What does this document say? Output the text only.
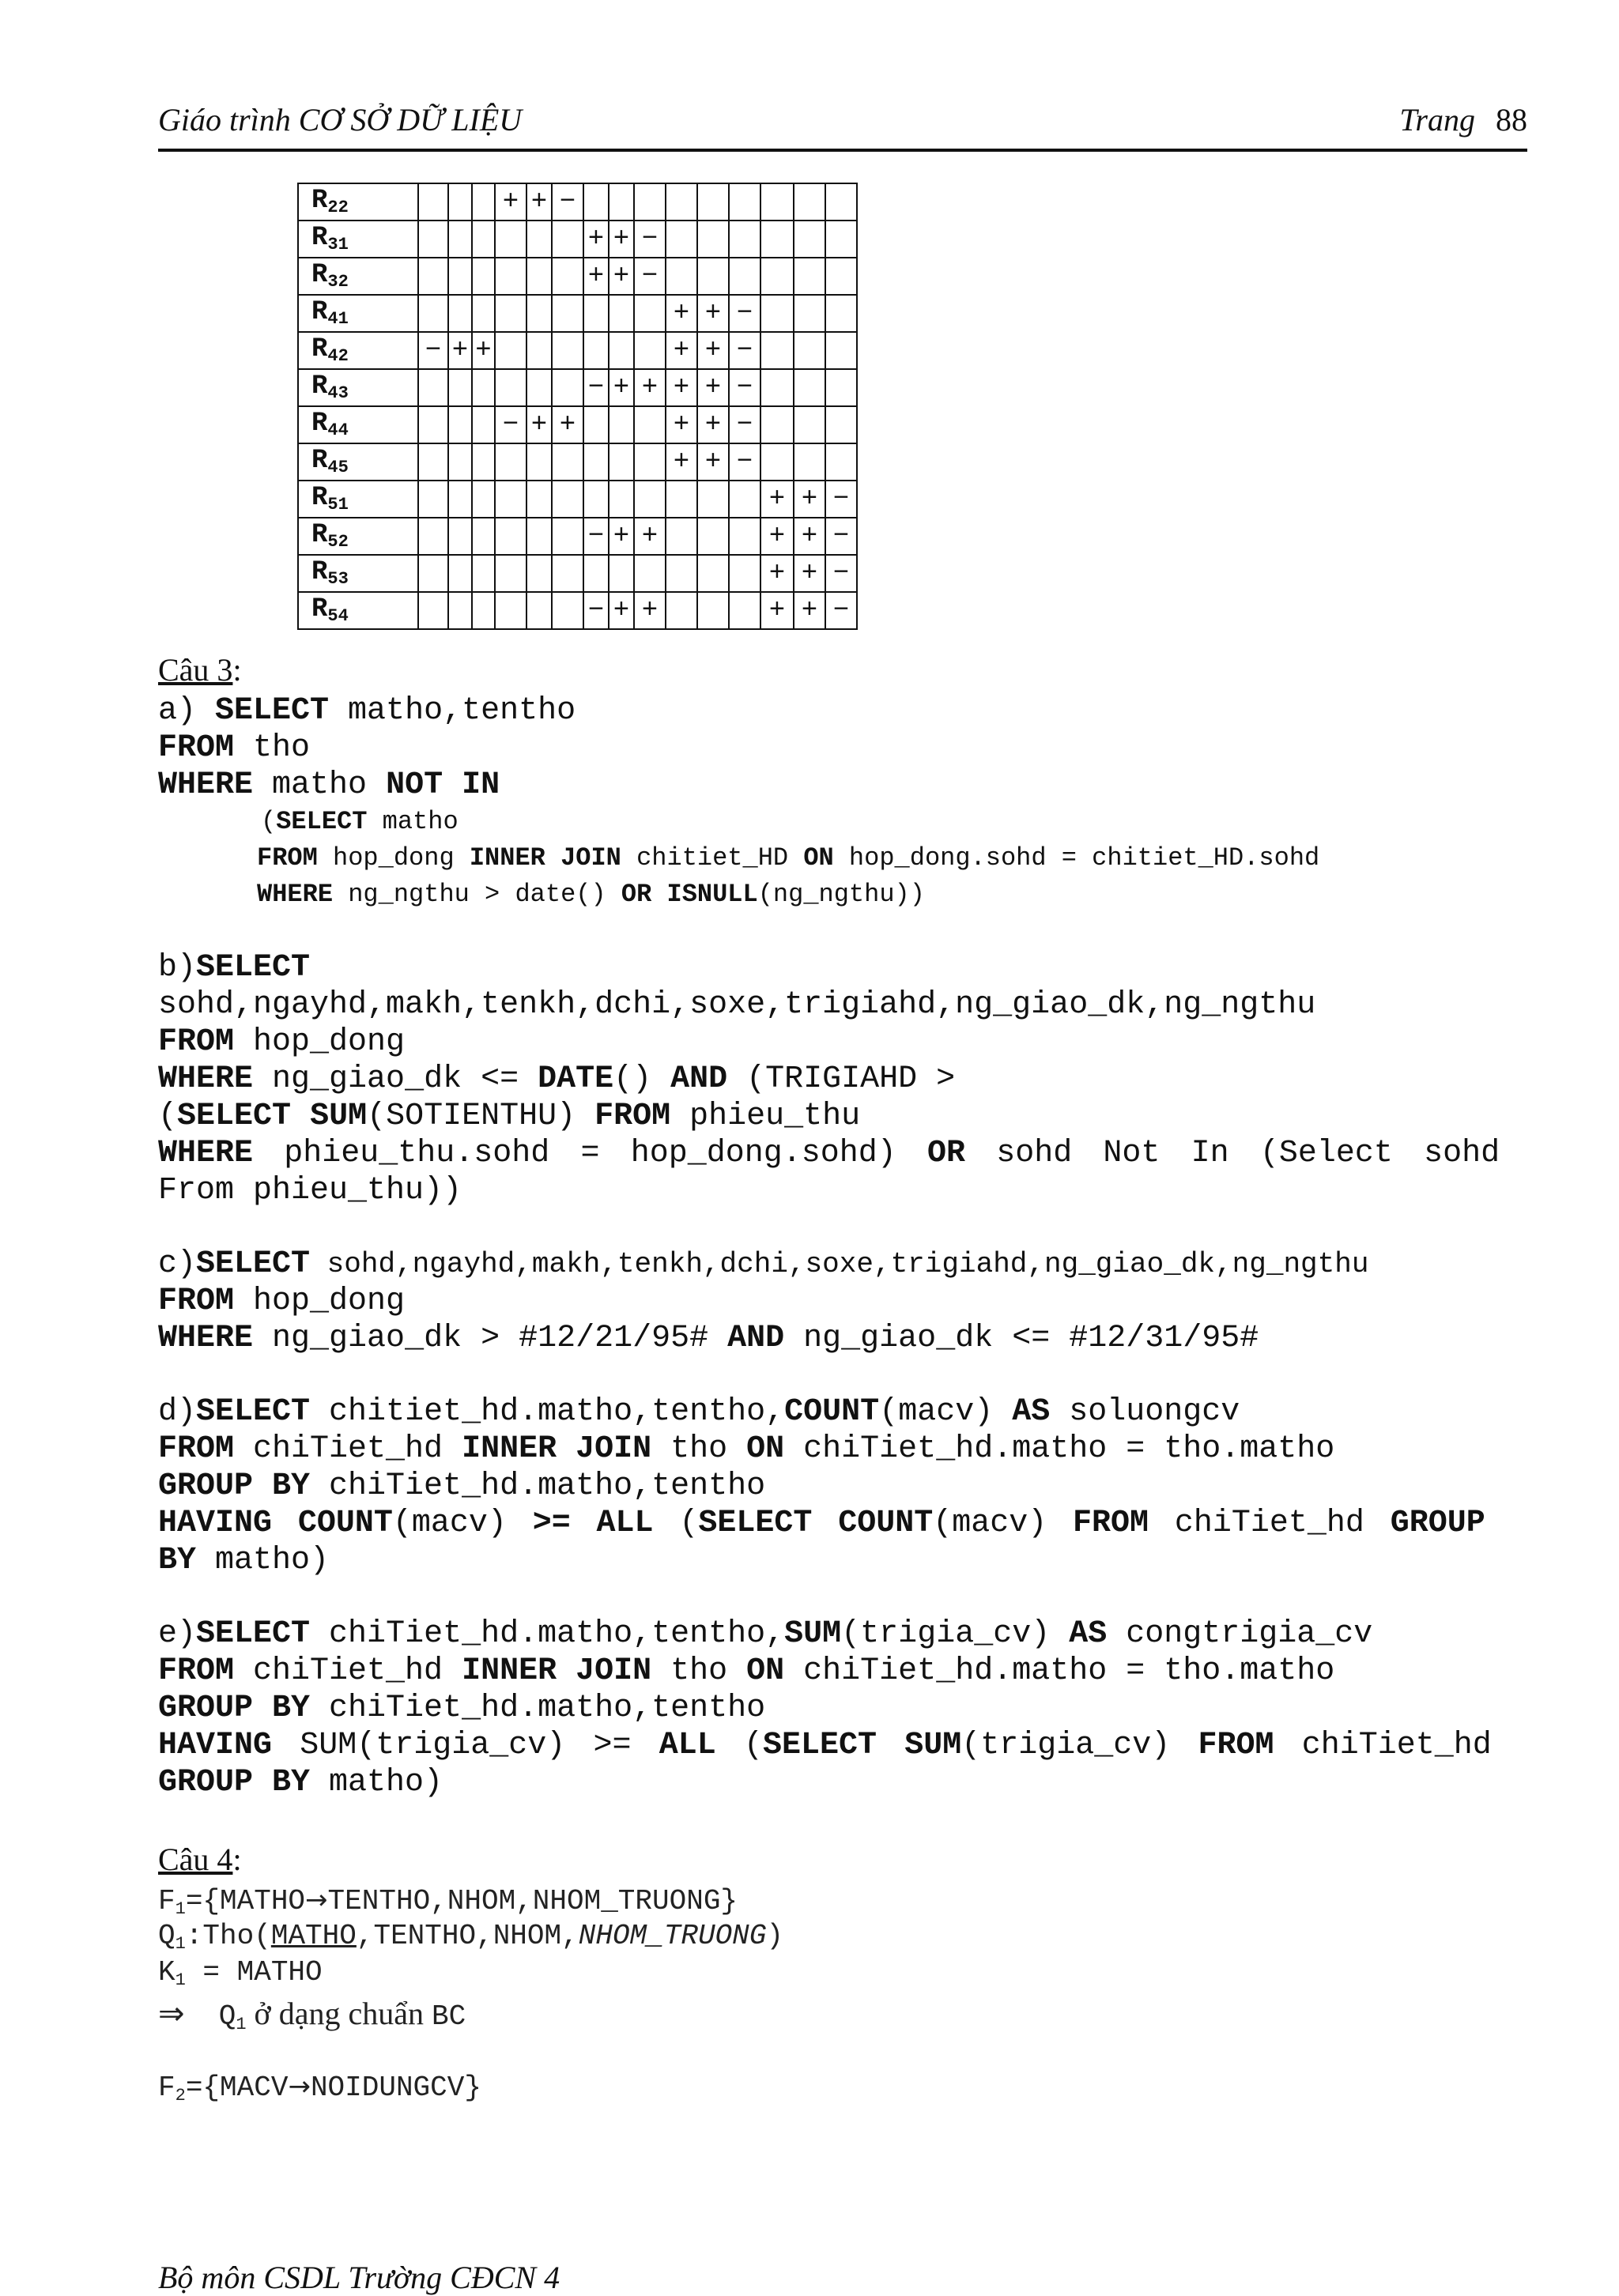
Giáo trình CƠ SỞ DỮ LIỆU	Trang 88
$R_{22}$				+	+	−									
$R_{31}$							+	+	−						
$R_{32}$							+	+	−						
$R_{41}$										+	+	−			
$R_{42}$	−	+	+							+	+	−			
$R_{43}$							−	+	+	+	+	−			
$R_{44}$				−	+	+				+	+	−			
$R_{45}$										+	+	−			
$R_{51}$													+	+	−
$R_{52}$							−	+	+				+	+	−
$R_{53}$													+	+	−
$R_{54}$							−	+	+				+	+	−
Câu 3:
a) SELECT matho,tentho
FROM tho
WHERE matho NOT IN
(SELECT matho
FROM hop_dong INNER JOIN chitiet_HD ON hop_dong.sohd = chitiet_HD.sohd
WHERE ng_ngthu > date() OR ISNULL(ng_ngthu))
b)SELECT
sohd,ngayhd,makh,tenkh,dchi,soxe,trigiahd,ng_giao_dk,ng_ngthu
FROM hop_dong
WHERE ng_giao_dk <= DATE() AND (TRIGIAHD >
(SELECT SUM(SOTIENTHU) FROM phieu_thu
WHERE phieu_thu.sohd = hop_dong.sohd) OR sohd Not In (Select sohd
From phieu_thu))
c)SELECT sohd,ngayhd,makh,tenkh,dchi,soxe,trigiahd,ng_giao_dk,ng_ngthu
FROM hop_dong
WHERE ng_giao_dk > #12/21/95# AND ng_giao_dk <= #12/31/95#
d)SELECT chitiet_hd.matho,tentho,COUNT(macv) AS soluongcv
FROM chiTiet_hd INNER JOIN tho ON chiTiet_hd.matho = tho.matho
GROUP BY chiTiet_hd.matho,tentho
HAVING COUNT(macv) >= ALL (SELECT COUNT(macv) FROM chiTiet_hd GROUP
BY matho)
e)SELECT chiTiet_hd.matho,tentho,SUM(trigia_cv) AS congtrigia_cv
FROM chiTiet_hd INNER JOIN tho ON chiTiet_hd.matho = tho.matho
GROUP BY chiTiet_hd.matho,tentho
HAVING SUM(trigia_cv) >= ALL (SELECT SUM(trigia_cv) FROM chiTiet_hd
GROUP BY matho)
Câu 4:
$F_1=\{MATHO\to TENTHO,NHOM,NHOM\_TRUONG\}$
$Q_1:Tho(MATHO,TENTHO,NHOM,NHOM\_TRUONG)$
$K_1$ = MATHO
⇒ $Q_1$ ở dạng chuẩn BC
$F_2=\{MACV\to NOIDUNGCV\}$
Bộ môn CSDL Trường CĐCN 4
